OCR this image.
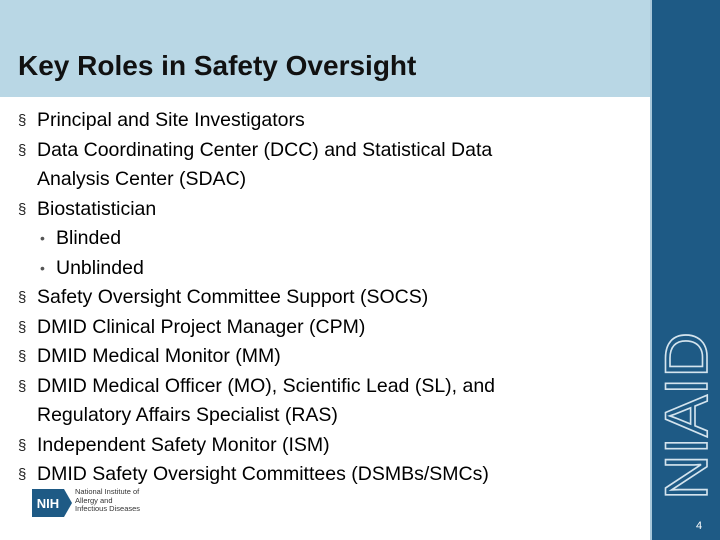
Key Roles in Safety Oversight
§ Principal and Site Investigators
§ Data Coordinating Center (DCC) and Statistical Data
Analysis Center (SDAC)
§ Biostatistician
• Blinded
• Unblinded
§ Safety Oversight Committee Support (SOCS)
§ DMID Clinical Project Manager (CPM)
§ DMID Medical Monitor (MM)
§ DMID Medical Officer (MO), Scientific Lead (SL), and
Regulatory Affairs Specialist (RAS)
§ Independent Safety Monitor (ISM)
§ DMID Safety Oversight Committees (DSMBs/SMCs)
NIH
National Institute of
Allergy and
Infectious Diseases
NIAID
4
